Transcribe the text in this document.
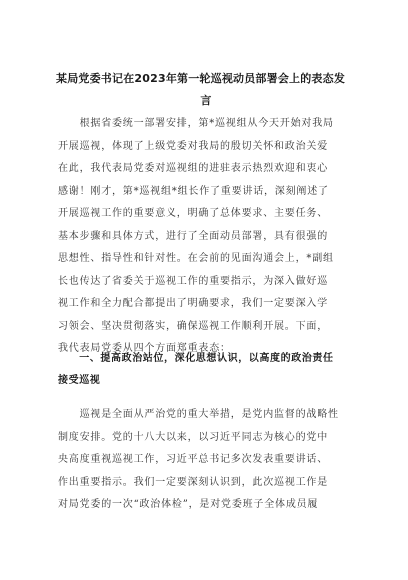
某局党委书记在2023年第一轮巡视动员部署会上的表态发
言
　　根据省委统一部署安排，第*巡视组从今天开始对我局
开展巡视，体现了上级党委对我局的殷切关怀和政治关爱
在此，我代表局党委对巡视组的进驻表示热烈欢迎和衷心
感谢！刚才，第*巡视组*组长作了重要讲话，深刻阐述了
开展巡视工作的重要意义，明确了总体要求、主要任务、
基本步骤和具体方式，进行了全面动员部署，具有很强的
思想性、指导性和针对性。在会前的见面沟通会上，*副组
长也传达了省委关于巡视工作的重要指示，为深入做好巡
视工作和全力配合都提出了明确要求，我们一定要深入学
习领会、坚决贯彻落实，确保巡视工作顺利开展。下面，
我代表局党委从四个方面郑重表态：
　　一、提高政治站位，深化思想认识，以高度的政治责任
接受巡视
　　巡视是全面从严治党的重大举措，是党内监督的战略性
制度安排。党的十八大以来，以习近平同志为核心的党中
央高度重视巡视工作，习近平总书记多次发表重要讲话、
作出重要指示。我们一定要深刻认识到，此次巡视工作是
对局党委的一次“政治体检”，是对党委班子全体成员履
